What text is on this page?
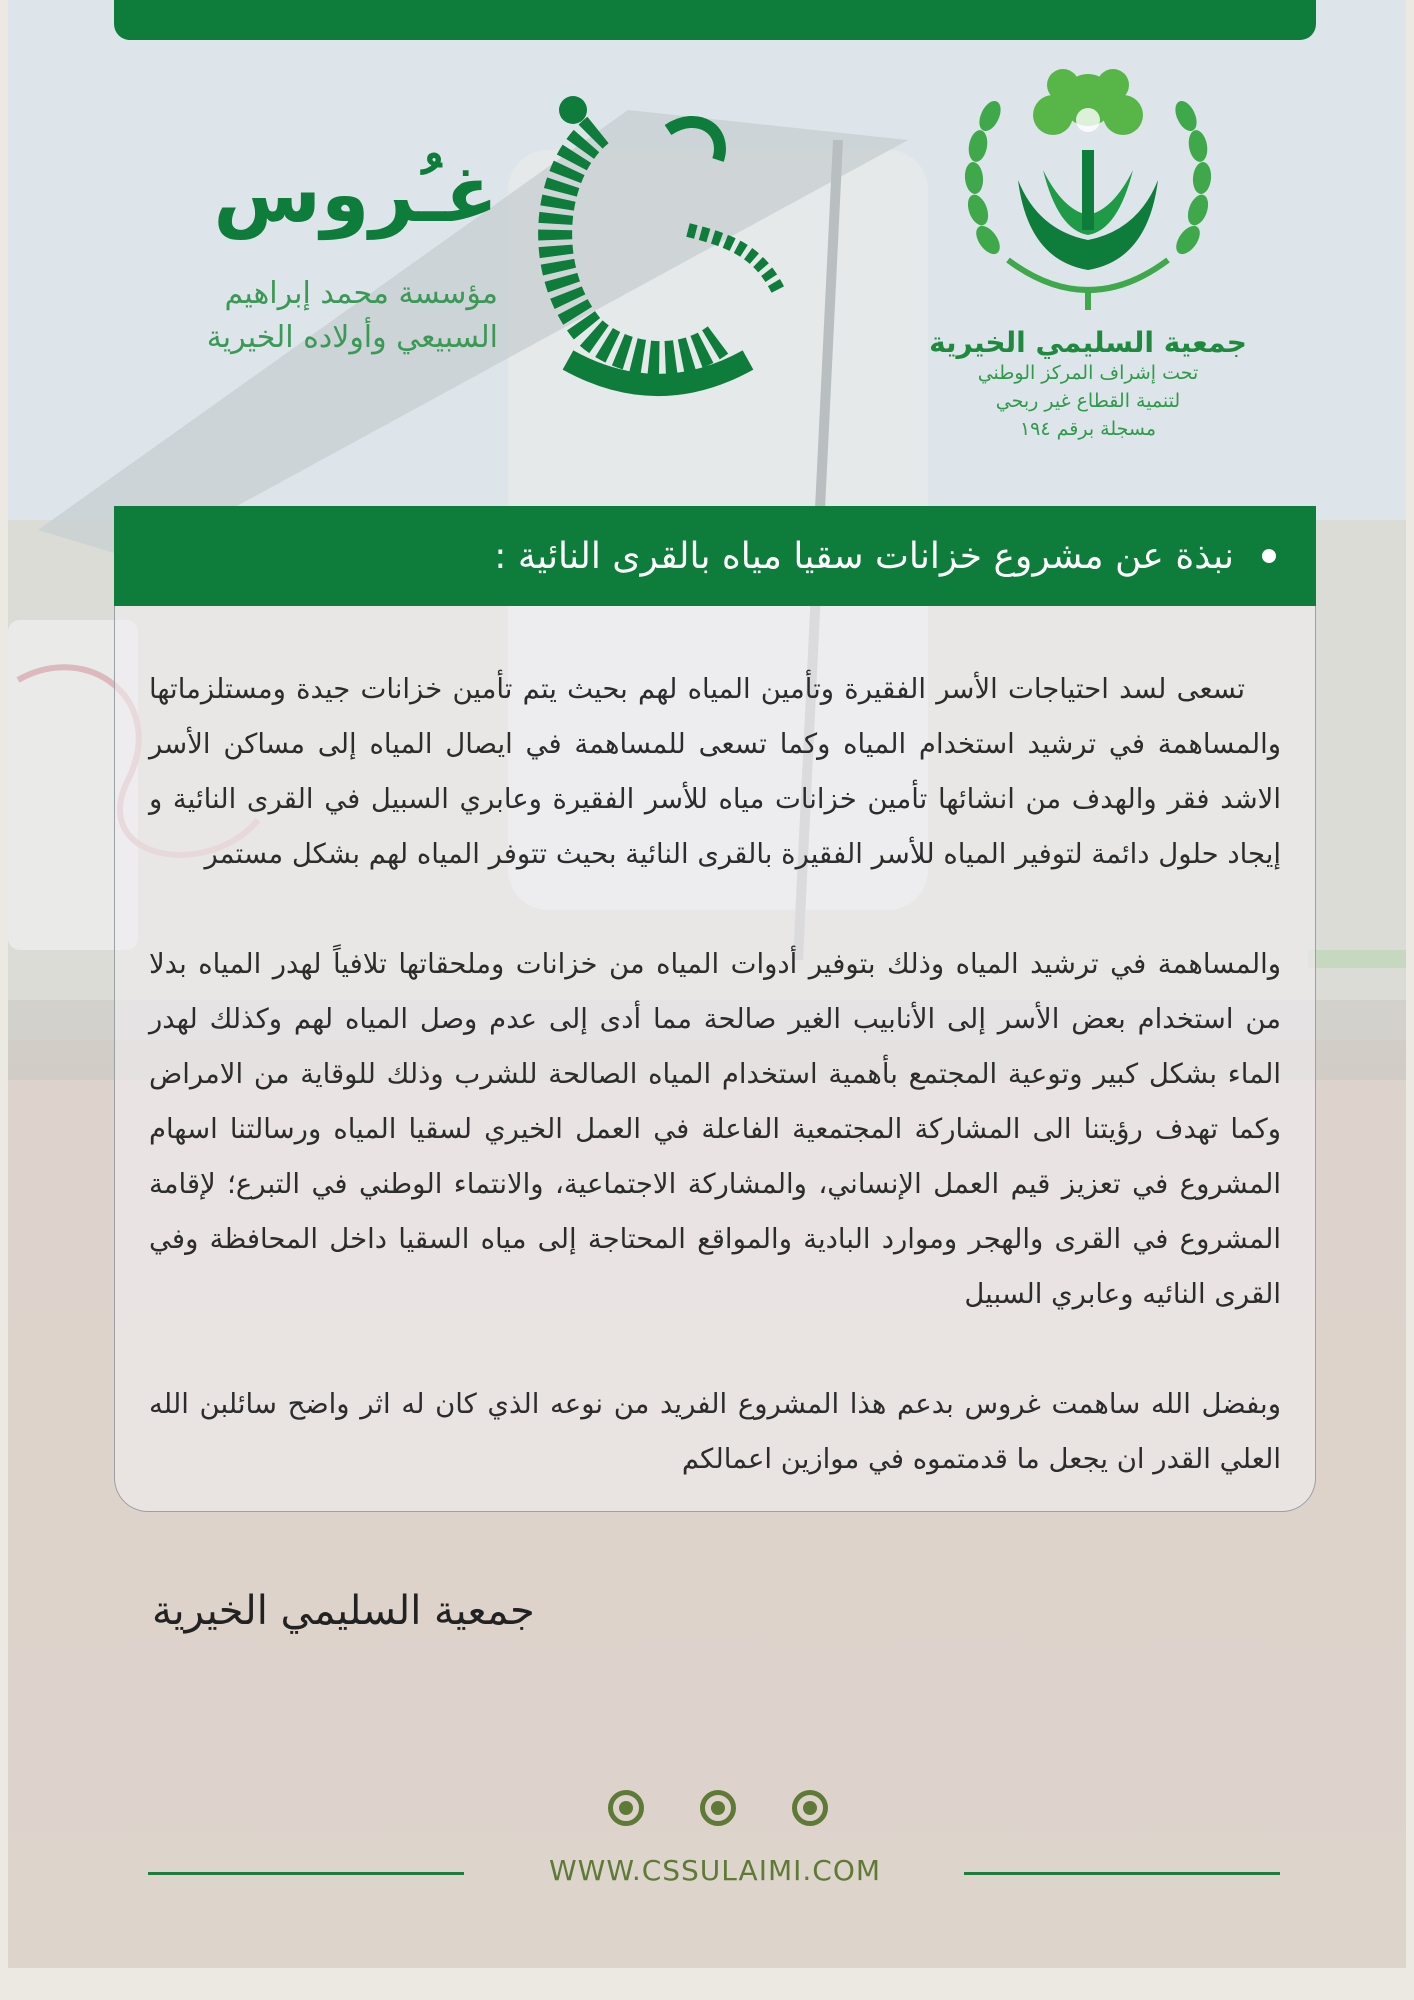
جمعية السليمي الخيرية
تحت إشراف المركز الوطني
لتنمية القطاع غير ربحي
مسجلة برقم ١٩٤
غـُروس
مؤسسة محمد إبراهيم
السبيعي وأولاده الخيرية
نبذة عن مشروع خزانات سقيا مياه بالقرى النائية :
تسعى لسد احتياجات الأسر الفقيرة وتأمين المياه لهم بحيث يتم تأمين خزانات جيدة ومستلزماتها والمساهمة في ترشيد استخدام المياه وكما تسعى للمساهمة في ايصال المياه إلى مساكن الأسر الاشد فقر والهدف من انشائها تأمين خزانات مياه للأسر الفقيرة وعابري السبيل في القرى النائية و إيجاد حلول دائمة لتوفير المياه للأسر الفقيرة بالقرى النائية بحيث تتوفر المياه لهم بشكل مستمر
والمساهمة في ترشيد المياه وذلك بتوفير أدوات المياه من خزانات وملحقاتها تلافياً لهدر المياه بدلا من استخدام بعض الأسر إلى الأنابيب الغير صالحة مما أدى إلى عدم وصل المياه لهم وكذلك لهدر الماء بشكل كبير وتوعية المجتمع بأهمية استخدام المياه الصالحة للشرب وذلك للوقاية من الامراض وكما تهدف رؤيتنا الى المشاركة المجتمعية الفاعلة في العمل الخيري لسقيا المياه ورسالتنا اسهام المشروع في تعزيز قيم العمل الإنساني، والمشاركة الاجتماعية، والانتماء الوطني في التبرع؛ لإقامة المشروع في القرى والهجر وموارد البادية والمواقع المحتاجة إلى مياه السقيا داخل المحافظة وفي القرى النائيه وعابري السبيل
وبفضل الله ساهمت غروس بدعم هذا المشروع الفريد من نوعه الذي كان له اثر واضح سائلبن الله العلي القدر ان يجعل ما قدمتموه في موازين اعمالكم
جمعية السليمي الخيرية
WWW.CSSULAIMI.COM
